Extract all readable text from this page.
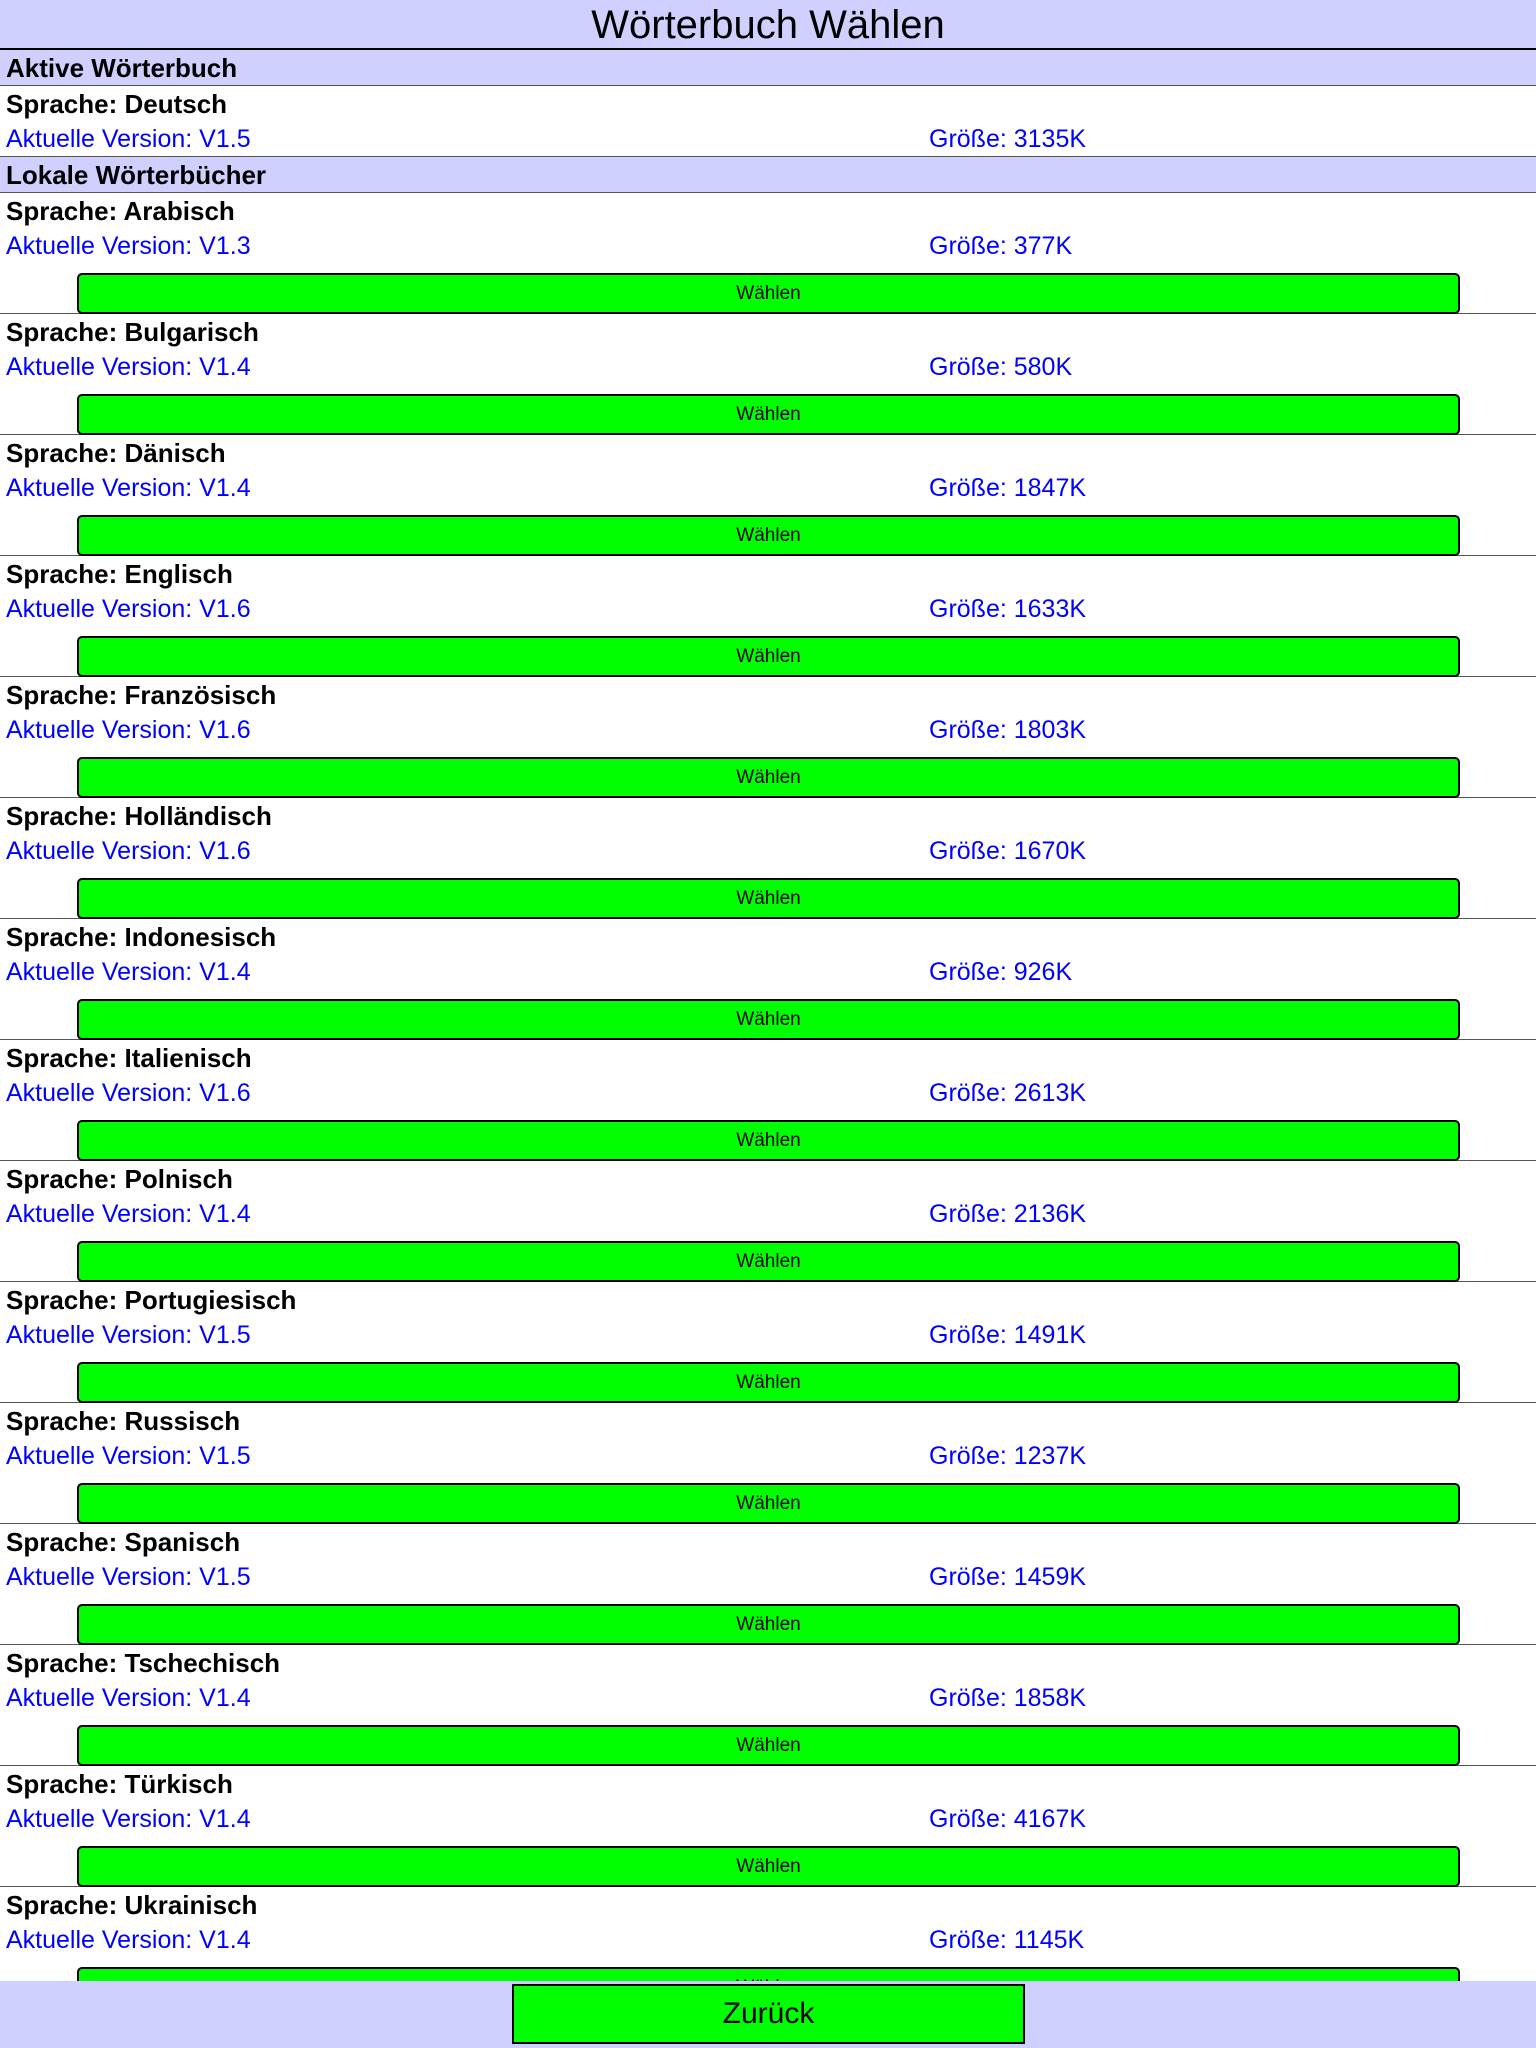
Wörterbuch Wählen
Aktive Wörterbuch
Sprache: Deutsch
Aktuelle Version: V1.5	Größe: 3135K
Lokale Wörterbücher
Sprache: Arabisch
Aktuelle Version: V1.3	Größe: 377K
Wählen
Sprache: Bulgarisch
Aktuelle Version: V1.4	Größe: 580K
Wählen
Sprache: Dänisch
Aktuelle Version: V1.4	Größe: 1847K
Wählen
Sprache: Englisch
Aktuelle Version: V1.6	Größe: 1633K
Wählen
Sprache: Französisch
Aktuelle Version: V1.6	Größe: 1803K
Wählen
Sprache: Holländisch
Aktuelle Version: V1.6	Größe: 1670K
Wählen
Sprache: Indonesisch
Aktuelle Version: V1.4	Größe: 926K
Wählen
Sprache: Italienisch
Aktuelle Version: V1.6	Größe: 2613K
Wählen
Sprache: Polnisch
Aktuelle Version: V1.4	Größe: 2136K
Wählen
Sprache: Portugiesisch
Aktuelle Version: V1.5	Größe: 1491K
Wählen
Sprache: Russisch
Aktuelle Version: V1.5	Größe: 1237K
Wählen
Sprache: Spanisch
Aktuelle Version: V1.5	Größe: 1459K
Wählen
Sprache: Tschechisch
Aktuelle Version: V1.4	Größe: 1858K
Wählen
Sprache: Türkisch
Aktuelle Version: V1.4	Größe: 4167K
Wählen
Sprache: Ukrainisch
Aktuelle Version: V1.4	Größe: 1145K
Zurück
